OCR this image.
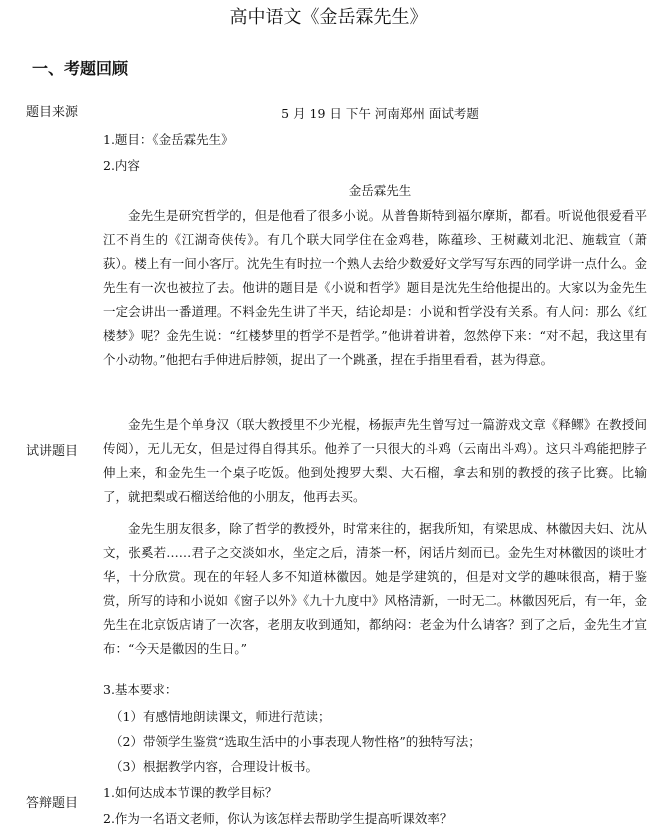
高中语文《金岳霖先生》
一、考题回顾
题目来源	5 月 19 日 下午 河南郑州 面试考题
1.题目：《金岳霖先生》
2.内容
金岳霖先生

金先生是研究哲学的，但是他看了很多小说。从普鲁斯特到福尔摩斯，都看。听说他很爱看平江不肖生的《江湖奇侠传》。有几个联大同学住在金鸡巷，陈蕴珍、王树藏刘北汜、施载宣（萧荻）。楼上有一间小客厅。沈先生有时拉一个熟人去给少数爱好文学写写东西的同学讲一点什么。金先生有一次也被拉了去。他讲的题目是《小说和哲学》题目是沈先生给他提出的。大家以为金先生一定会讲出一番道理。不料金先生讲了半天，结论却是：小说和哲学没有关系。有人问：那么《红楼梦》呢？金先生说：“红楼梦里的哲学不是哲学。”他讲着讲着，忽然停下来：“对不起，我这里有个小动物。”他把右手伸进后脖领，捉出了一个跳蚤，捏在手指里看看，甚为得意。

金先生是个单身汉（联大教授里不少光棍，杨振声先生曾写过一篇游戏文章《释鳏》在教授间传阅），无儿无女，但是过得自得其乐。他养了一只很大的斗鸡（云南出斗鸡）。这只斗鸡能把脖子伸上来，和金先生一个桌子吃饭。他到处搜罗大梨、大石榴，拿去和别的教授的孩子比赛。比输了，就把梨或石榴送给他的小朋友，他再去买。

金先生朋友很多，除了哲学的教授外，时常来往的，据我所知，有梁思成、林徽因夫妇、沈从文，张奚若……君子之交淡如水，坐定之后，清茶一杯，闲话片刻而已。金先生对林徽因的谈吐才华，十分欣赏。现在的年轻人多不知道林徽因。她是学建筑的，但是对文学的趣味很高，精于鉴赏，所写的诗和小说如《窗子以外》《九十九度中》风格清新，一时无二。林徽因死后，有一年，金先生在北京饭店请了一次客，老朋友收到通知，都纳闷：老金为什么请客？到了之后，金先生才宣布：“今天是徽因的生日。”

试讲题目
3.基本要求：
（1）有感情地朗读课文，师进行范读；
（2）带领学生鉴赏“选取生活中的小事表现人物性格”的独特写法；
（3）根据教学内容，合理设计板书。
答辩题目
1.如何达成本节课的教学目标？
2.作为一名语文老师，你认为该怎样去帮助学生提高听课效率？
